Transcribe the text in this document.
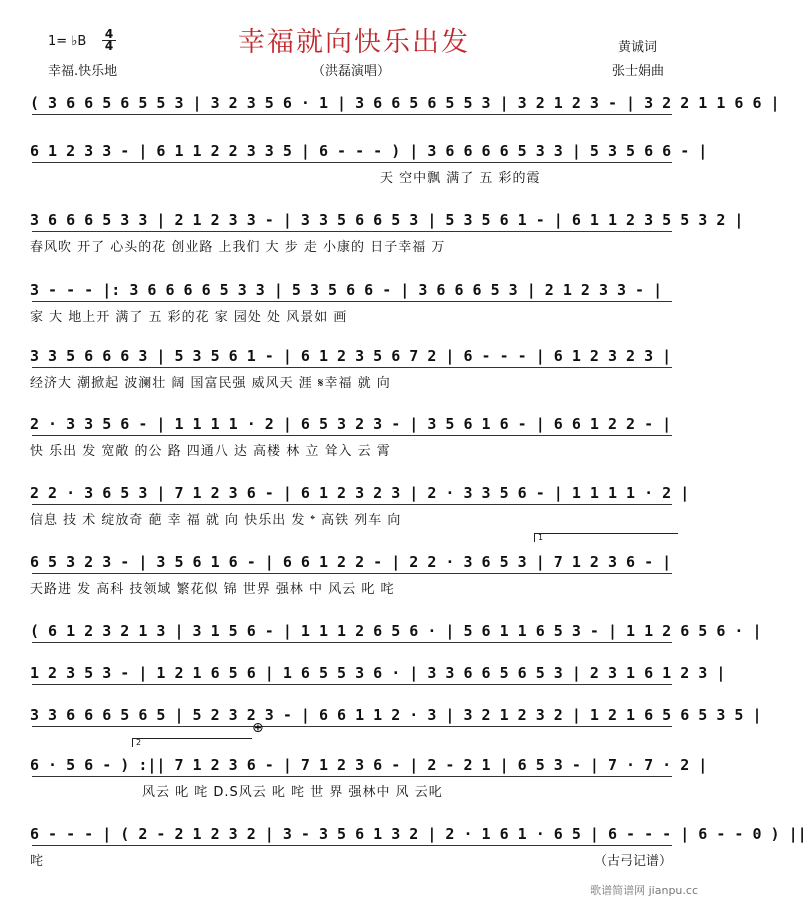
1= ♭B 4
4	幸福就向快乐出发	黄诚词
幸福.快乐地	（洪磊演唱）	张士娟曲
( 3 6 6 5 6 5 5 3 | 3 2 3 5 6 · 1 | 3 6 6 5 6 5 5 3 | 3 2 1 2 3 - | 3 2 2 1 1 6 6 |
6 1 2 3 3 - | 6 1 1 2 2 3 3 5 | 6 - - - ) | 3 6 6 6 6 5 3 3 | 5 3 5 6 6 - |
天 空中飘 满了 五 彩的霞
3 6 6 6 5 3 3 | 2 1 2 3 3 - | 3 3 5 6 6 5 3 | 5 3 5 6 1 - | 6 1 1 2 3 5 5 3 2 |
春风吹 开了 心头的花 创业路 上我们 大 步 走 小康的 日子幸福 万
3 - - - |: 3 6 6 6 6 5 3 3 | 5 3 5 6 6 - | 3 6 6 6 5 3 | 2 1 2 3 3 - |
家 大 地上开 满了 五 彩的花 家 园处 处 风景如 画
3 3 5 6 6 6 3 | 5 3 5 6 1 - | 6 1 2 3 5 6 7 2 | 6 - - - | 6 1 2 3 2 3 |
经济大 潮掀起 波澜壮 阔 国富民强 威风天 涯 𝄋幸福 就 向
2 · 3 3 5 6 - | 1 1 1 1 · 2 | 6 5 3 2 3 - | 3 5 6 1 6 - | 6 6 1 2 2 - |
快 乐出 发 宽敞 的公 路 四通八 达 高楼 林 立 耸入 云 霄
2 2 · 3 6 5 3 | 7 1 2 3 6 - | 6 1 2 3 2 3 | 2 · 3 3 5 6 - | 1 1 1 1 · 2 |
信息 技 术 绽放奇 葩 幸 福 就 向 快乐出 发 𝄌 高铁 列车 向
1
6 5 3 2 3 - | 3 5 6 1 6 - | 6 6 1 2 2 - | 2 2 · 3 6 5 3 | 7 1 2 3 6 - |
天路进 发 高科 技领域 繁花似 锦 世界 强林 中 风云 叱 咤
( 6 1 2 3 2 1 3 | 3 1 5 6 - | 1 1 1 2 6 5 6 · | 5 6 1 1 6 5 3 - | 1 1 2 6 5 6 · |
1 2 3 5 3 - | 1 2 1 6 5 6 | 1 6 5 5 3 6 · | 3 3 6 6 5 6 5 3 | 2 3 1 6 1 2 3 |
3 3 6 6 6 5 6 5 | 5 2 3 2 3 - | 6 6 1 1 2 · 3 | 3 2 1 2 3 2 | 1 2 1 6 5 6 5 3 5 |
2
⊕
6 · 5 6 - ) :|| 7 1 2 3 6 - | 7 1 2 3 6 - | 2 - 2 1 | 6 5 3 - | 7 · 7 · 2 |
风云 叱 咤 D.S风云 叱 咤 世 界 强林中 风 云叱
6 - - - | ( 2 - 2 1 2 3 2 | 3 - 3 5 6 1 3 2 | 2 · 1 6 1 · 6 5 | 6 - - - | 6 - - 0 ) ||
咤	（古弓记谱）
歌谱简谱网 jianpu.cc
